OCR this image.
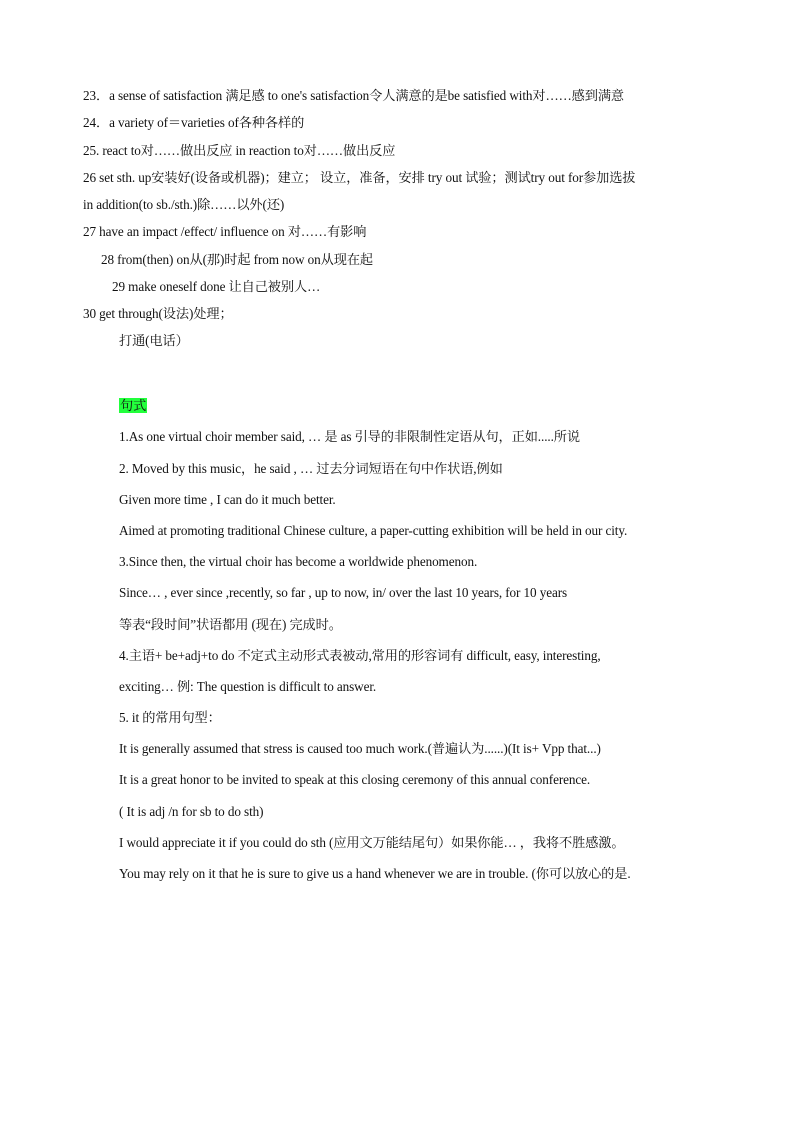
23．a sense of satisfaction 满足感 to one's satisfaction令人满意的是be satisfied with对……感到满意
24．a variety of＝varieties of各种各样的
25. react to对……做出反应 in reaction to对……做出反应
26 set sth. up安装好(设备或机器)；建立； 设立，准备，安排 try out 试验；测试try out for参加选拔
in addition(to sb./sth.)除……以外(还)
27 have an impact /effect/ influence on 对……有影响
28 from(then) on从(那)时起 from now on从现在起
29 make oneself done 让自己被别人…
30 get through(设法)处理；
打通(电话）
句式
1.As one virtual choir member said, … 是 as 引导的非限制性定语从句，正如.....所说
2. Moved by this music，he said , … 过去分词短语在句中作状语,例如
Given more time , I can do it much better.
Aimed at promoting traditional Chinese culture, a paper-cutting exhibition will be held in our city.
3.Since then, the virtual choir has become a worldwide phenomenon.
Since… , ever since ,recently, so far , up to now, in/ over the last 10 years, for 10 years
等表“段时间”状语都用 (现在) 完成时。
4.主语+ be+adj+to do 不定式主动形式表被动,常用的形容词有 difficult, easy, interesting,
exciting… 例: The question is difficult to answer.
5. it 的常用句型：
It is generally assumed that stress is caused too much work.(普遍认为......)(It is+ Vpp that...)
It is a great honor to be invited to speak at this closing ceremony of this annual conference.
( It is adj /n for sb to do sth)
I would appreciate it if you could do sth (应用文万能结尾句）如果你能… ，我将不胜感激。
You may rely on it that he is sure to give us a hand whenever we are in trouble. (你可以放心的是.
